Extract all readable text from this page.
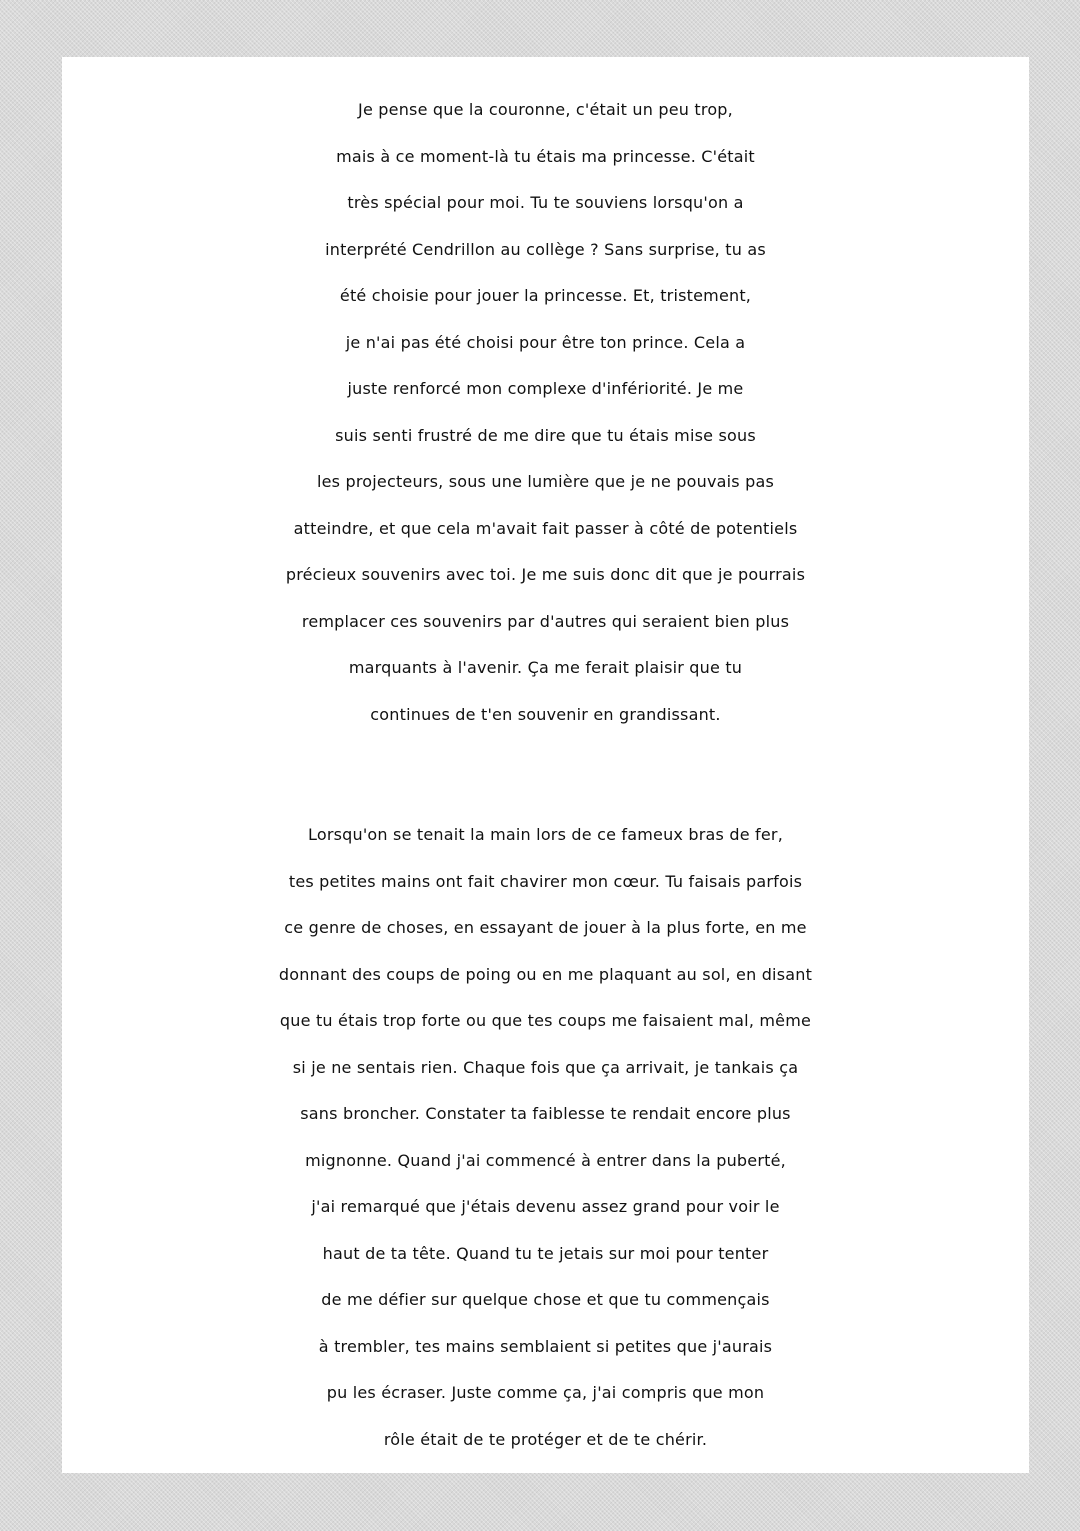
Je pense que la couronne, c'était un peu trop,
mais à ce moment-là tu étais ma princesse. C'était
très spécial pour moi. Tu te souviens lorsqu'on a
interprété Cendrillon au collège ? Sans surprise, tu as
été choisie pour jouer la princesse. Et, tristement,
je n'ai pas été choisi pour être ton prince. Cela a
juste renforcé mon complexe d'infériorité. Je me
suis senti frustré de me dire que tu étais mise sous
les projecteurs, sous une lumière que je ne pouvais pas
atteindre, et que cela m'avait fait passer à côté de potentiels
précieux souvenirs avec toi. Je me suis donc dit que je pourrais
remplacer ces souvenirs par d'autres qui seraient bien plus
marquants à l'avenir. Ça me ferait plaisir que tu
continues de t'en souvenir en grandissant.
Lorsqu'on se tenait la main lors de ce fameux bras de fer,
tes petites mains ont fait chavirer mon cœur. Tu faisais parfois
ce genre de choses, en essayant de jouer à la plus forte, en me
donnant des coups de poing ou en me plaquant au sol, en disant
que tu étais trop forte ou que tes coups me faisaient mal, même
si je ne sentais rien. Chaque fois que ça arrivait, je tankais ça
sans broncher. Constater ta faiblesse te rendait encore plus
mignonne. Quand j'ai commencé à entrer dans la puberté,
j'ai remarqué que j'étais devenu assez grand pour voir le
haut de ta tête. Quand tu te jetais sur moi pour tenter
de me défier sur quelque chose et que tu commençais
à trembler, tes mains semblaient si petites que j'aurais
pu les écraser. Juste comme ça, j'ai compris que mon
rôle était de te protéger et de te chérir.
